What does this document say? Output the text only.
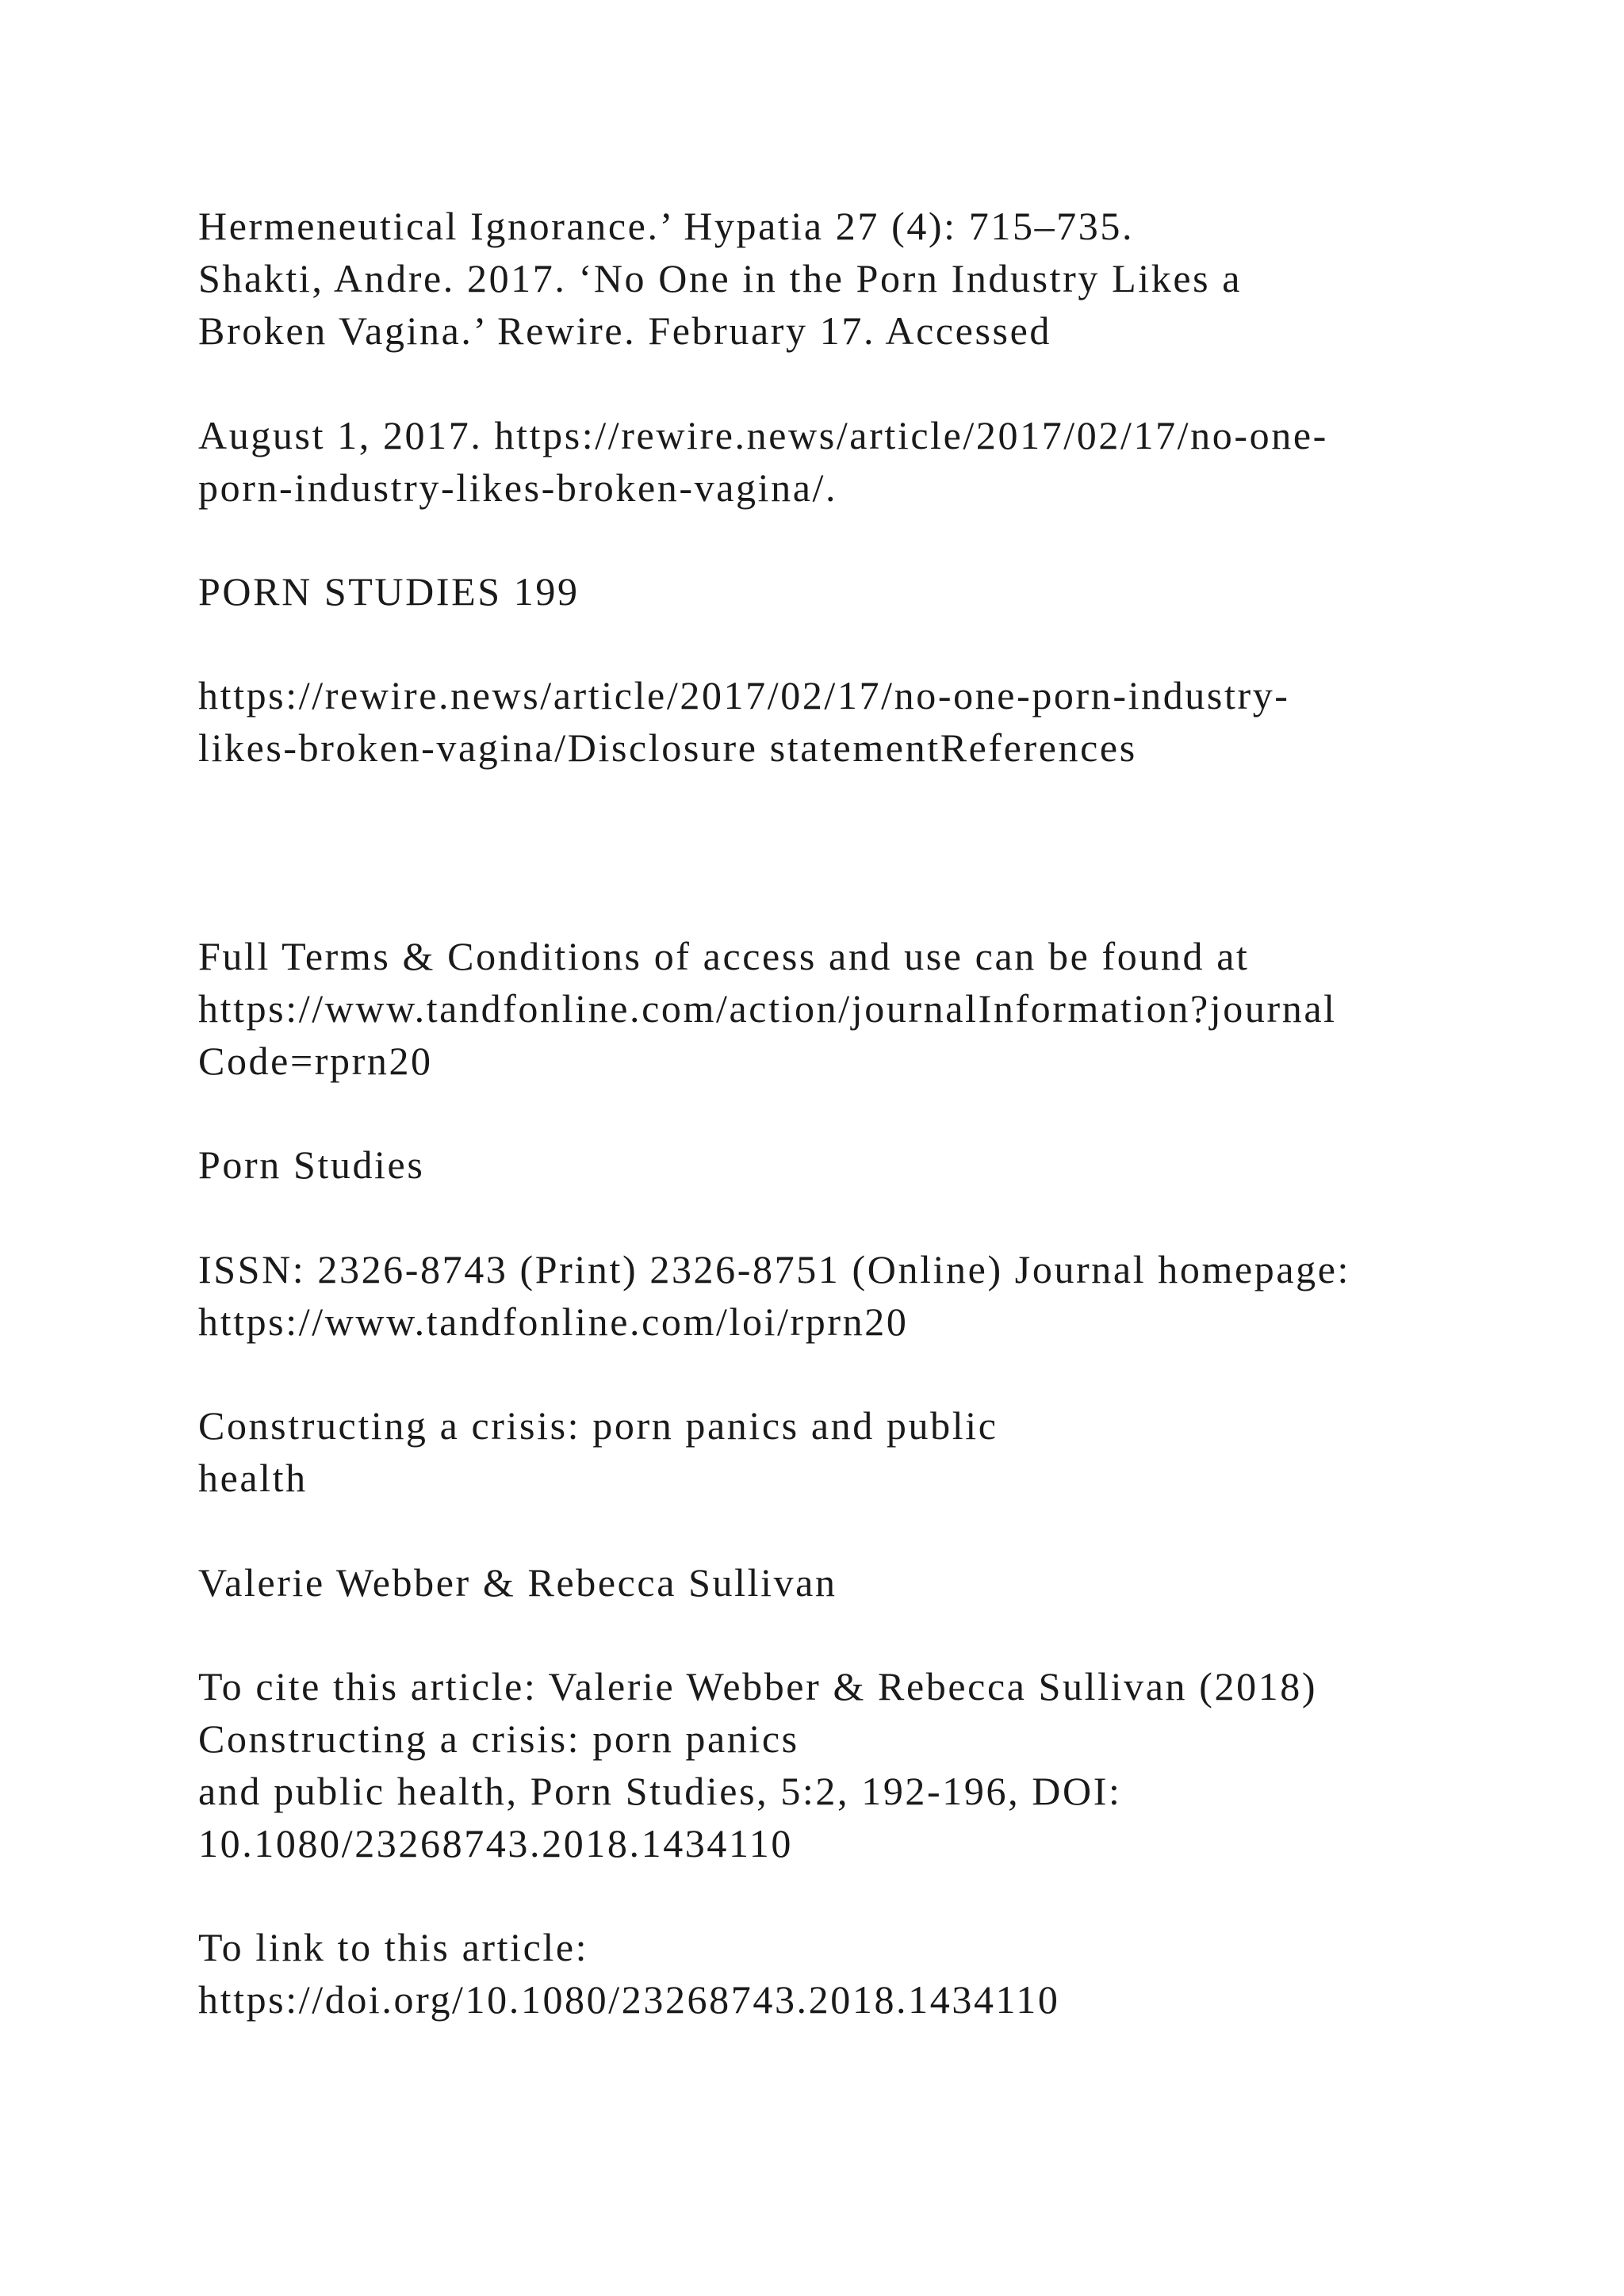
Hermeneutical Ignorance.’ Hypatia 27 (4): 715–735.
Shakti, Andre. 2017. ‘No One in the Porn Industry Likes a
Broken Vagina.’ Rewire. February 17. Accessed
August 1, 2017. https://rewire.news/article/2017/02/17/no-one-
porn-industry-likes-broken-vagina/.
PORN STUDIES 199
https://rewire.news/article/2017/02/17/no-one-porn-industry-
likes-broken-vagina/Disclosure statementReferences
Full Terms & Conditions of access and use can be found at
https://www.tandfonline.com/action/journalInformation?journal
Code=rprn20
Porn Studies
ISSN: 2326-8743 (Print) 2326-8751 (Online) Journal homepage:
https://www.tandfonline.com/loi/rprn20
Constructing a crisis: porn panics and public
health
Valerie Webber & Rebecca Sullivan
To cite this article: Valerie Webber & Rebecca Sullivan (2018)
Constructing a crisis: porn panics
and public health, Porn Studies, 5:2, 192-196, DOI:
10.1080/23268743.2018.1434110
To link to this article:
https://doi.org/10.1080/23268743.2018.1434110
